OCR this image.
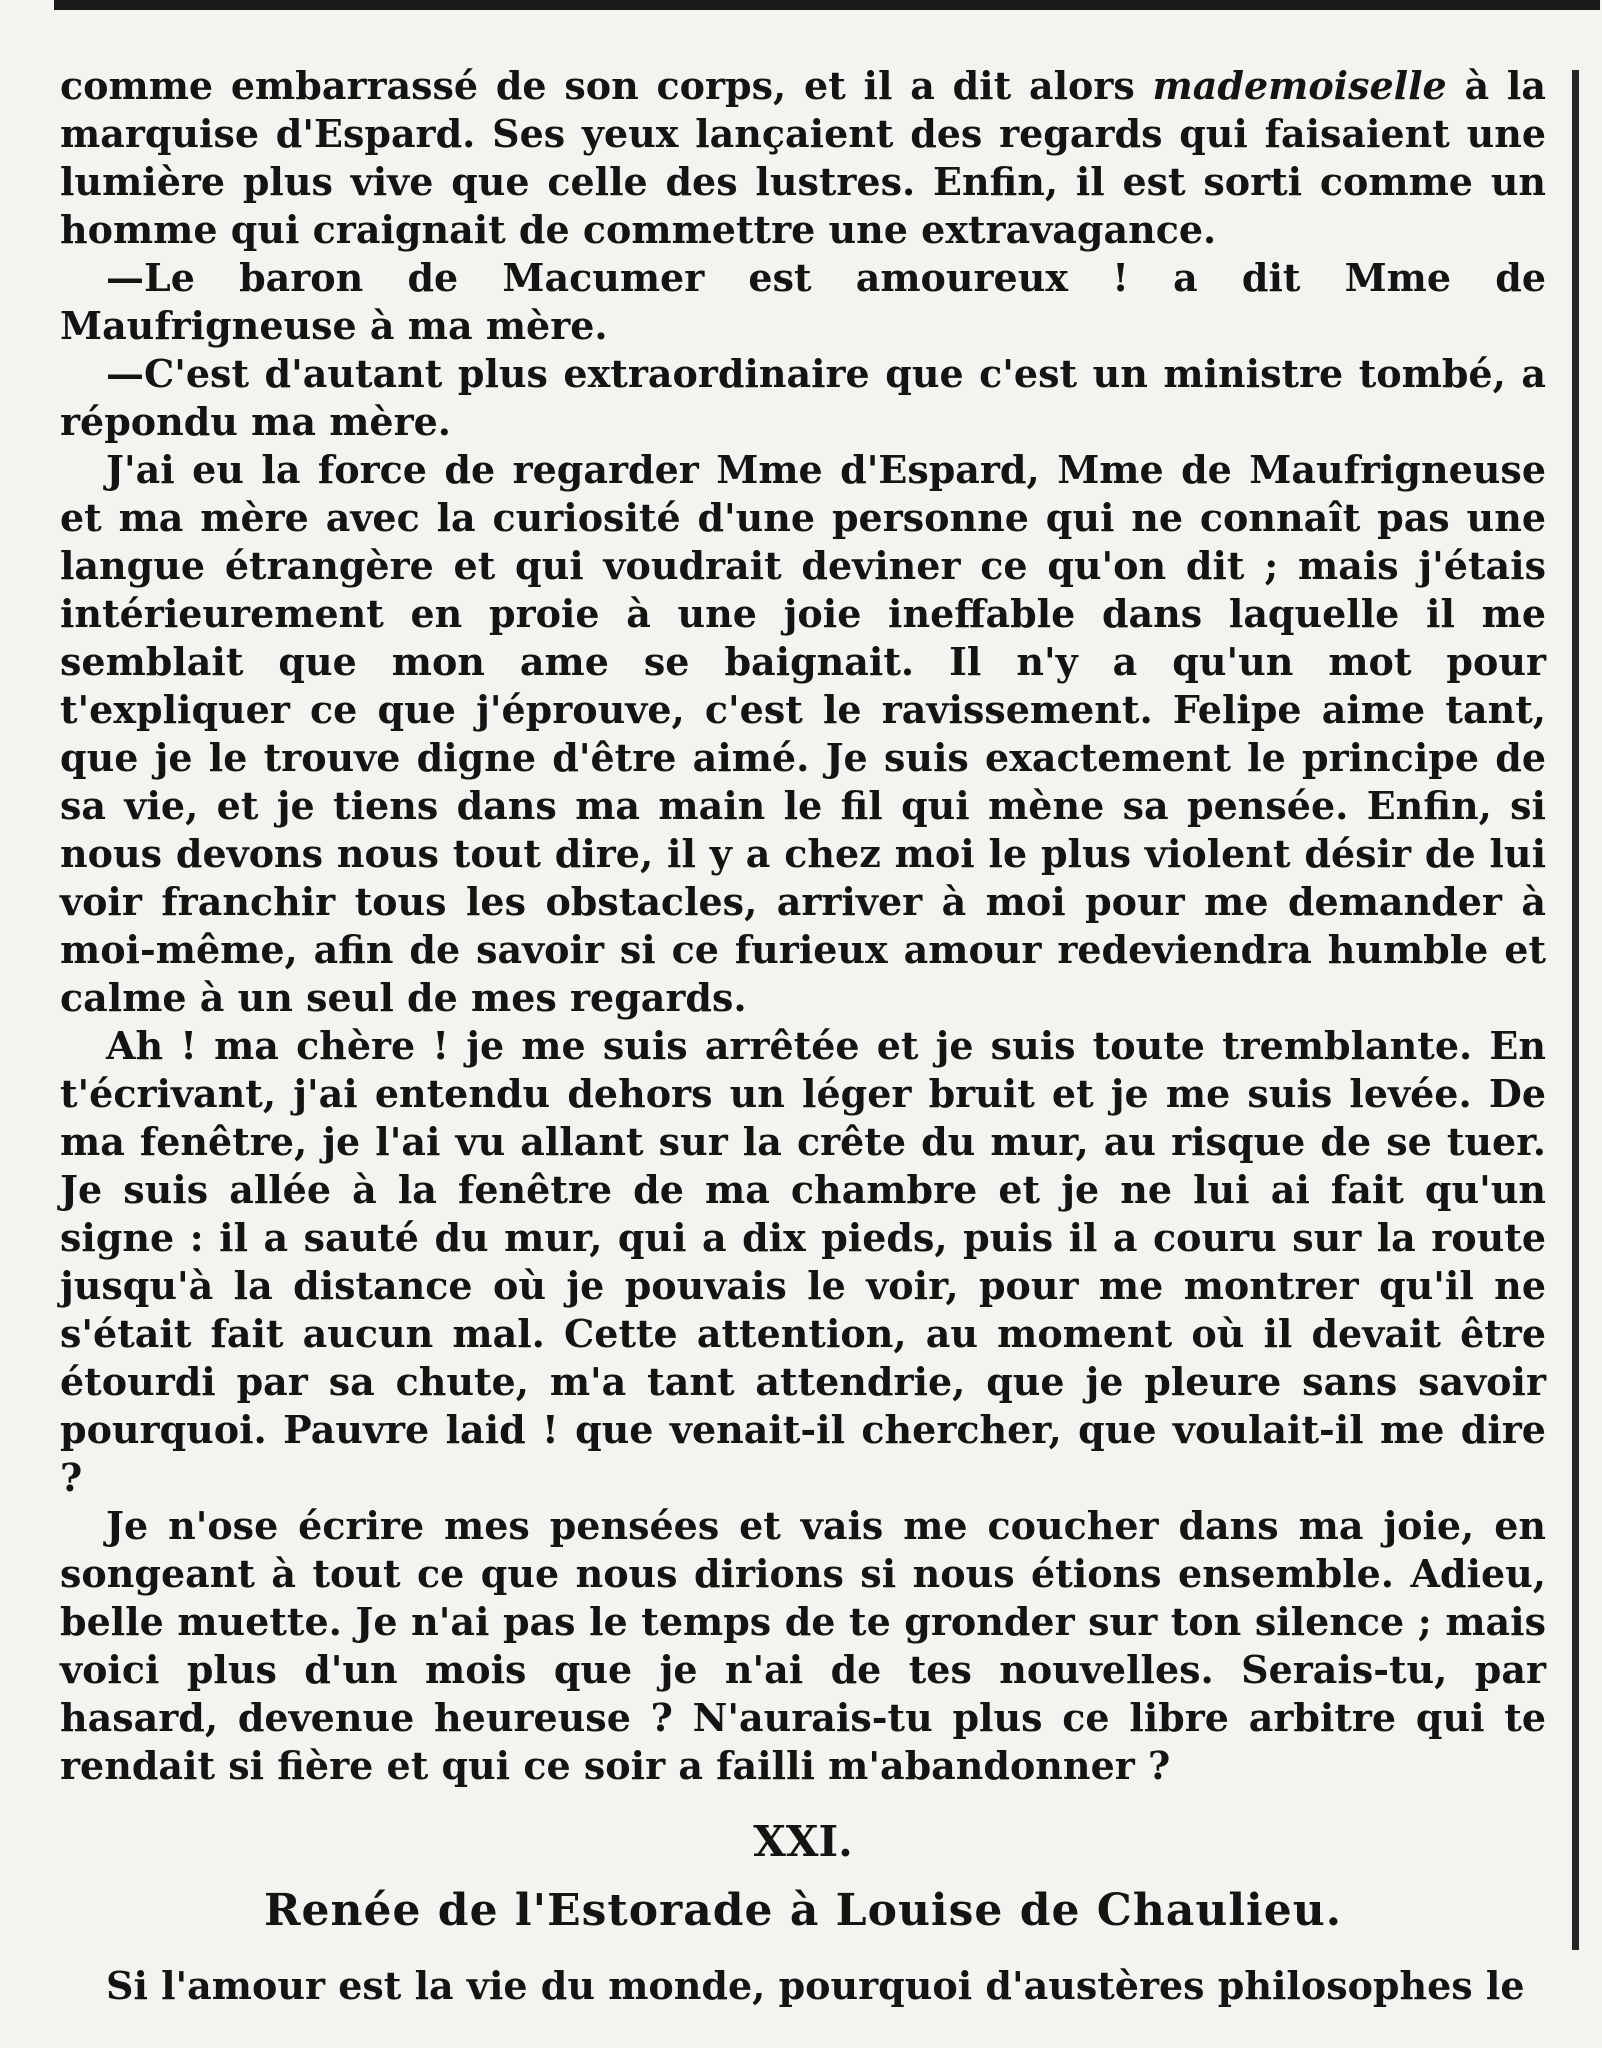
comme embarrassé de son corps, et il a dit alors mademoiselle à la marquise d'Espard. Ses yeux lançaient des regards qui faisaient une lumière plus vive que celle des lustres. Enfin, il est sorti comme un homme qui craignait de commettre une extravagance.

—Le baron de Macumer est amoureux ! a dit Mme de Maufrigneuse à ma mère.

—C'est d'autant plus extraordinaire que c'est un ministre tombé, a répondu ma mère.

J'ai eu la force de regarder Mme d'Espard, Mme de Maufrigneuse et ma mère avec la curiosité d'une personne qui ne connaît pas une langue étrangère et qui voudrait deviner ce qu'on dit ; mais j'étais intérieurement en proie à une joie ineffable dans laquelle il me semblait que mon ame se baignait. Il n'y a qu'un mot pour t'expliquer ce que j'éprouve, c'est le ravissement. Felipe aime tant, que je le trouve digne d'être aimé. Je suis exactement le principe de sa vie, et je tiens dans ma main le fil qui mène sa pensée. Enfin, si nous devons nous tout dire, il y a chez moi le plus violent désir de lui voir franchir tous les obstacles, arriver à moi pour me demander à moi-même, afin de savoir si ce furieux amour redeviendra humble et calme à un seul de mes regards.

Ah ! ma chère ! je me suis arrêtée et je suis toute tremblante. En t'écrivant, j'ai entendu dehors un léger bruit et je me suis levée. De ma fenêtre, je l'ai vu allant sur la crête du mur, au risque de se tuer. Je suis allée à la fenêtre de ma chambre et je ne lui ai fait qu'un signe : il a sauté du mur, qui a dix pieds, puis il a couru sur la route jusqu'à la distance où je pouvais le voir, pour me montrer qu'il ne s'était fait aucun mal. Cette attention, au moment où il devait être étourdi par sa chute, m'a tant attendrie, que je pleure sans savoir pourquoi. Pauvre laid ! que venait-il chercher, que voulait-il me dire ?

Je n'ose écrire mes pensées et vais me coucher dans ma joie, en songeant à tout ce que nous dirions si nous étions ensemble. Adieu, belle muette. Je n'ai pas le temps de te gronder sur ton silence ; mais voici plus d'un mois que je n'ai de tes nouvelles. Serais-tu, par hasard, devenue heureuse ? N'aurais-tu plus ce libre arbitre qui te rendait si fière et qui ce soir a failli m'abandonner ?

XXI.
Renée de l'Estorade à Louise de Chaulieu.

Si l'amour est la vie du monde, pourquoi d'austères philosophes le
